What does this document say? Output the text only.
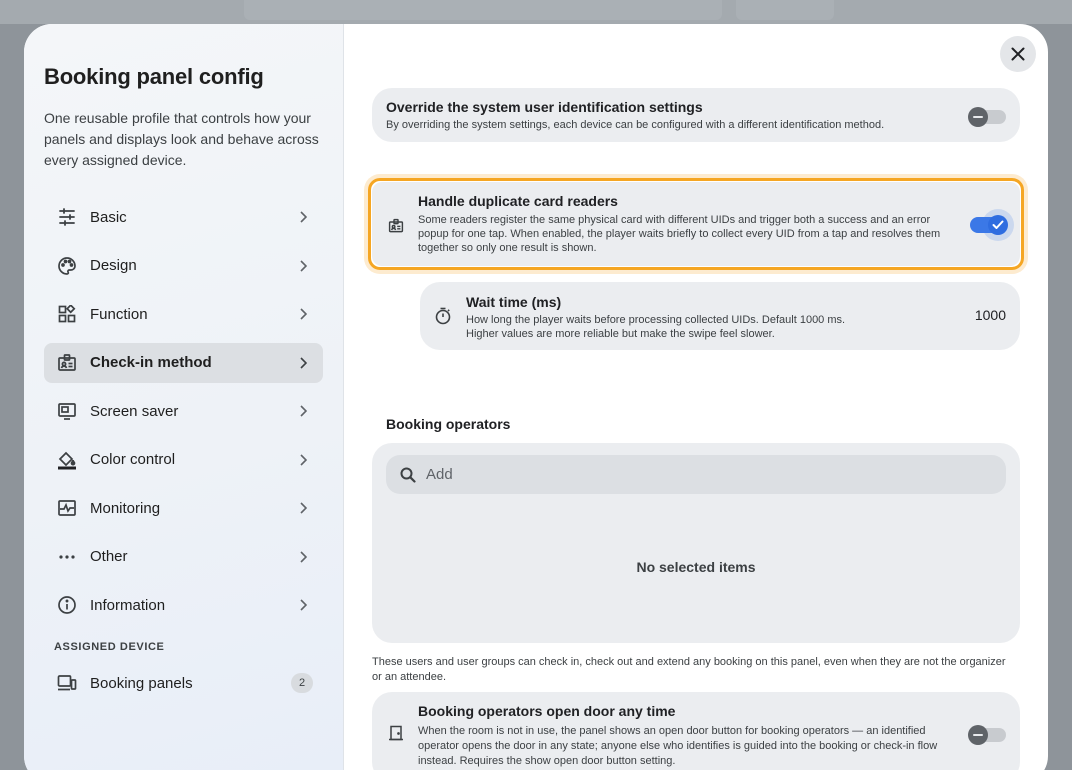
Booking panel config

One reusable profile that controls how your panels and displays look and behave across every assigned device.

Basic
Design
Function
Check-in method
Screen saver
Color control
Monitoring
Other
Information
ASSIGNED DEVICE
Booking panels	2
Override the system user identification settings
By overriding the system settings, each device can be configured with a different identification method.
Handle duplicate card readers
Some readers register the same physical card with different UIDs and trigger both a success and an error popup for one tap. When enabled, the player waits briefly to collect every UID from a tap and resolves them together so only one result is shown.
Wait time (ms)
How long the player waits before processing collected UIDs. Default 1000 ms.
Higher values are more reliable but make the swipe feel slower.
1000
Booking operators
Add
No selected items
These users and user groups can check in, check out and extend any booking on this panel, even when they are not the organizer or an attendee.
Booking operators open door any time
When the room is not in use, the panel shows an open door button for booking operators — an identified operator opens the door in any state; anyone else who identifies is guided into the booking or check-in flow instead. Requires the show open door button setting.
